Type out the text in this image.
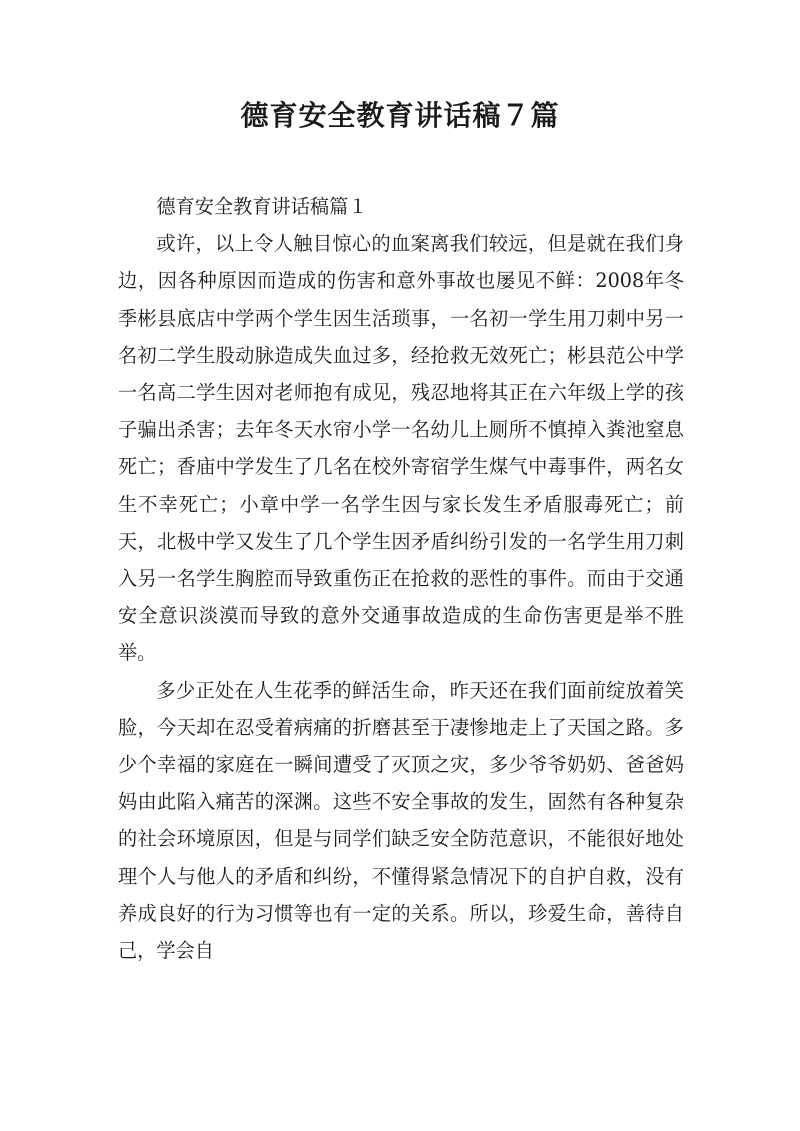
德育安全教育讲话稿７篇

德育安全教育讲话稿篇１

或许，以上令人触目惊心的血案离我们较远，但是就在我们身边，因各种原因而造成的伤害和意外事故也屡见不鲜：2008年冬季彬县底店中学两个学生因生活琐事，一名初一学生用刀刺中另一名初二学生股动脉造成失血过多，经抢救无效死亡；彬县范公中学一名高二学生因对老师抱有成见，残忍地将其正在六年级上学的孩子骗出杀害；去年冬天水帘小学一名幼儿上厕所不慎掉入粪池窒息死亡；香庙中学发生了几名在校外寄宿学生煤气中毒事件，两名女生不幸死亡；小章中学一名学生因与家长发生矛盾服毒死亡；前天，北极中学又发生了几个学生因矛盾纠纷引发的一名学生用刀刺入另一名学生胸腔而导致重伤正在抢救的恶性的事件。而由于交通安全意识淡漠而导致的意外交通事故造成的生命伤害更是举不胜举。

多少正处在人生花季的鲜活生命，昨天还在我们面前绽放着笑脸，今天却在忍受着病痛的折磨甚至于凄惨地走上了天国之路。多少个幸福的家庭在一瞬间遭受了灭顶之灾，多少爷爷奶奶、爸爸妈妈由此陷入痛苦的深渊。这些不安全事故的发生，固然有各种复杂的社会环境原因，但是与同学们缺乏安全防范意识，不能很好地处理个人与他人的矛盾和纠纷，不懂得紧急情况下的自护自救，没有养成良好的行为习惯等也有一定的关系。所以，珍爱生命，善待自己，学会自
